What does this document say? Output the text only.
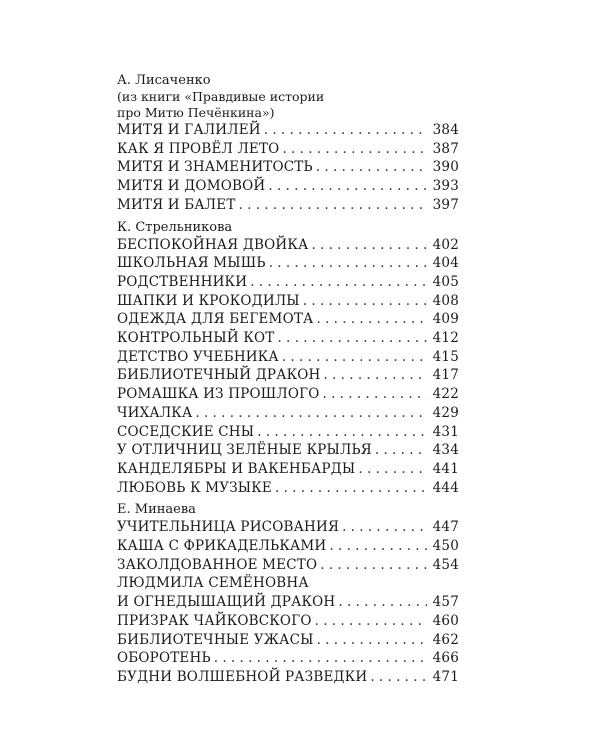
А. Лисаченко
(из книги «Правдивые истории
про Митю Печёнкина»)
МИТЯ И ГАЛИЛЕЙ . . .	384
КАК Я ПРОВЁЛ ЛЕТО . . .	387
МИТЯ И ЗНАМЕНИТОСТЬ . . .	390
МИТЯ И ДОМОВОЙ . . .	393
МИТЯ И БАЛЕТ . . .	397
К. Стрельникова
БЕСПОКОЙНАЯ ДВОЙКА . . .	402
ШКОЛЬНАЯ МЫШЬ . . .	404
РОДСТВЕННИКИ . . .	405
ШАПКИ И КРОКОДИЛЫ . . .	408
ОДЕЖДА ДЛЯ БЕГЕМОТА . . .	409
КОНТРОЛЬНЫЙ КОТ . . .	412
ДЕТСТВО УЧЕБНИКА . . .	415
БИБЛИОТЕЧНЫЙ ДРАКОН . . .	417
РОМАШКА ИЗ ПРОШЛОГО . . .	422
ЧИХАЛКА . . .	429
СОСЕДСКИЕ СНЫ . . .	431
У ОТЛИЧНИЦ ЗЕЛЁНЫЕ КРЫЛЬЯ . . .	434
КАНДЕЛЯБРЫ И ВАКЕНБАРДЫ . . .	441
ЛЮБОВЬ К МУЗЫКЕ . . .	444
Е. Минаева
УЧИТЕЛЬНИЦА РИСОВАНИЯ . . .	447
КАША С ФРИКАДЕЛЬКАМИ . . .	450
ЗАКОЛДОВАННОЕ МЕСТО . . .	454
ЛЮДМИЛА СЕМЁНОВНА
И ОГНЕДЫШАЩИЙ ДРАКОН . . .	457
ПРИЗРАК ЧАЙКОВСКОГО . . .	460
БИБЛИОТЕЧНЫЕ УЖАСЫ . . .	462
ОБОРОТЕНЬ . . .	466
БУДНИ ВОЛШЕБНОЙ РАЗВЕДКИ . . .	471
